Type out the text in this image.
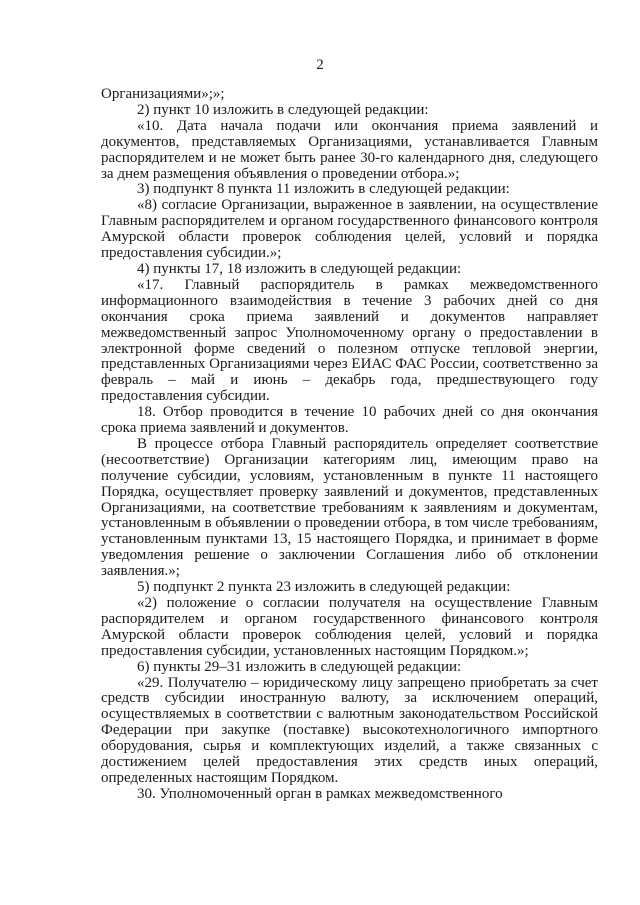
2

Организациями»;»;

2) пункт 10 изложить в следующей редакции:

«10. Дата начала подачи или окончания приема заявлений и документов, представляемых Организациями, устанавливается Главным распорядителем и не может быть ранее 30-го календарного дня, следующего за днем размещения объявления о проведении отбора.»;

3) подпункт 8 пункта 11 изложить в следующей редакции:

«8) согласие Организации, выраженное в заявлении, на осуществление Главным распорядителем и органом государственного финансового контроля Амурской области проверок соблюдения целей, условий и порядка предоставления субсидии.»;

4) пункты 17, 18 изложить в следующей редакции:

«17. Главный распорядитель в рамках межведомственного информационного взаимодействия в течение 3 рабочих дней со дня окончания срока приема заявлений и документов направляет межведомственный запрос Уполномоченному органу о предоставлении в электронной форме сведений о полезном отпуске тепловой энергии, представленных Организациями через ЕИАС ФАС России, соответственно за февраль – май и июнь – декабрь года, предшествующего году предоставления субсидии.

18. Отбор проводится в течение 10 рабочих дней со дня окончания срока приема заявлений и документов.

В процессе отбора Главный распорядитель определяет соответствие (несоответствие) Организации категориям лиц, имеющим право на получение субсидии, условиям, установленным в пункте 11 настоящего Порядка, осуществляет проверку заявлений и документов, представленных Организациями, на соответствие требованиям к заявлениям и документам, установленным в объявлении о проведении отбора, в том числе требованиям, установленным пунктами 13, 15 настоящего Порядка, и принимает в форме уведомления решение о заключении Соглашения либо об отклонении заявления.»;

5) подпункт 2 пункта 23 изложить в следующей редакции:

«2) положение о согласии получателя на осуществление Главным распорядителем и органом государственного финансового контроля Амурской области проверок соблюдения целей, условий и порядка предоставления субсидии, установленных настоящим Порядком.»;

6) пункты 29–31 изложить в следующей редакции:

«29. Получателю – юридическому лицу запрещено приобретать за счет средств субсидии иностранную валюту, за исключением операций, осуществляемых в соответствии с валютным законодательством Российской Федерации при закупке (поставке) высокотехнологичного импортного оборудования, сырья и комплектующих изделий, а также связанных с достижением целей предоставления этих средств иных операций, определенных настоящим Порядком.

30. Уполномоченный орган в рамках межведомственного
